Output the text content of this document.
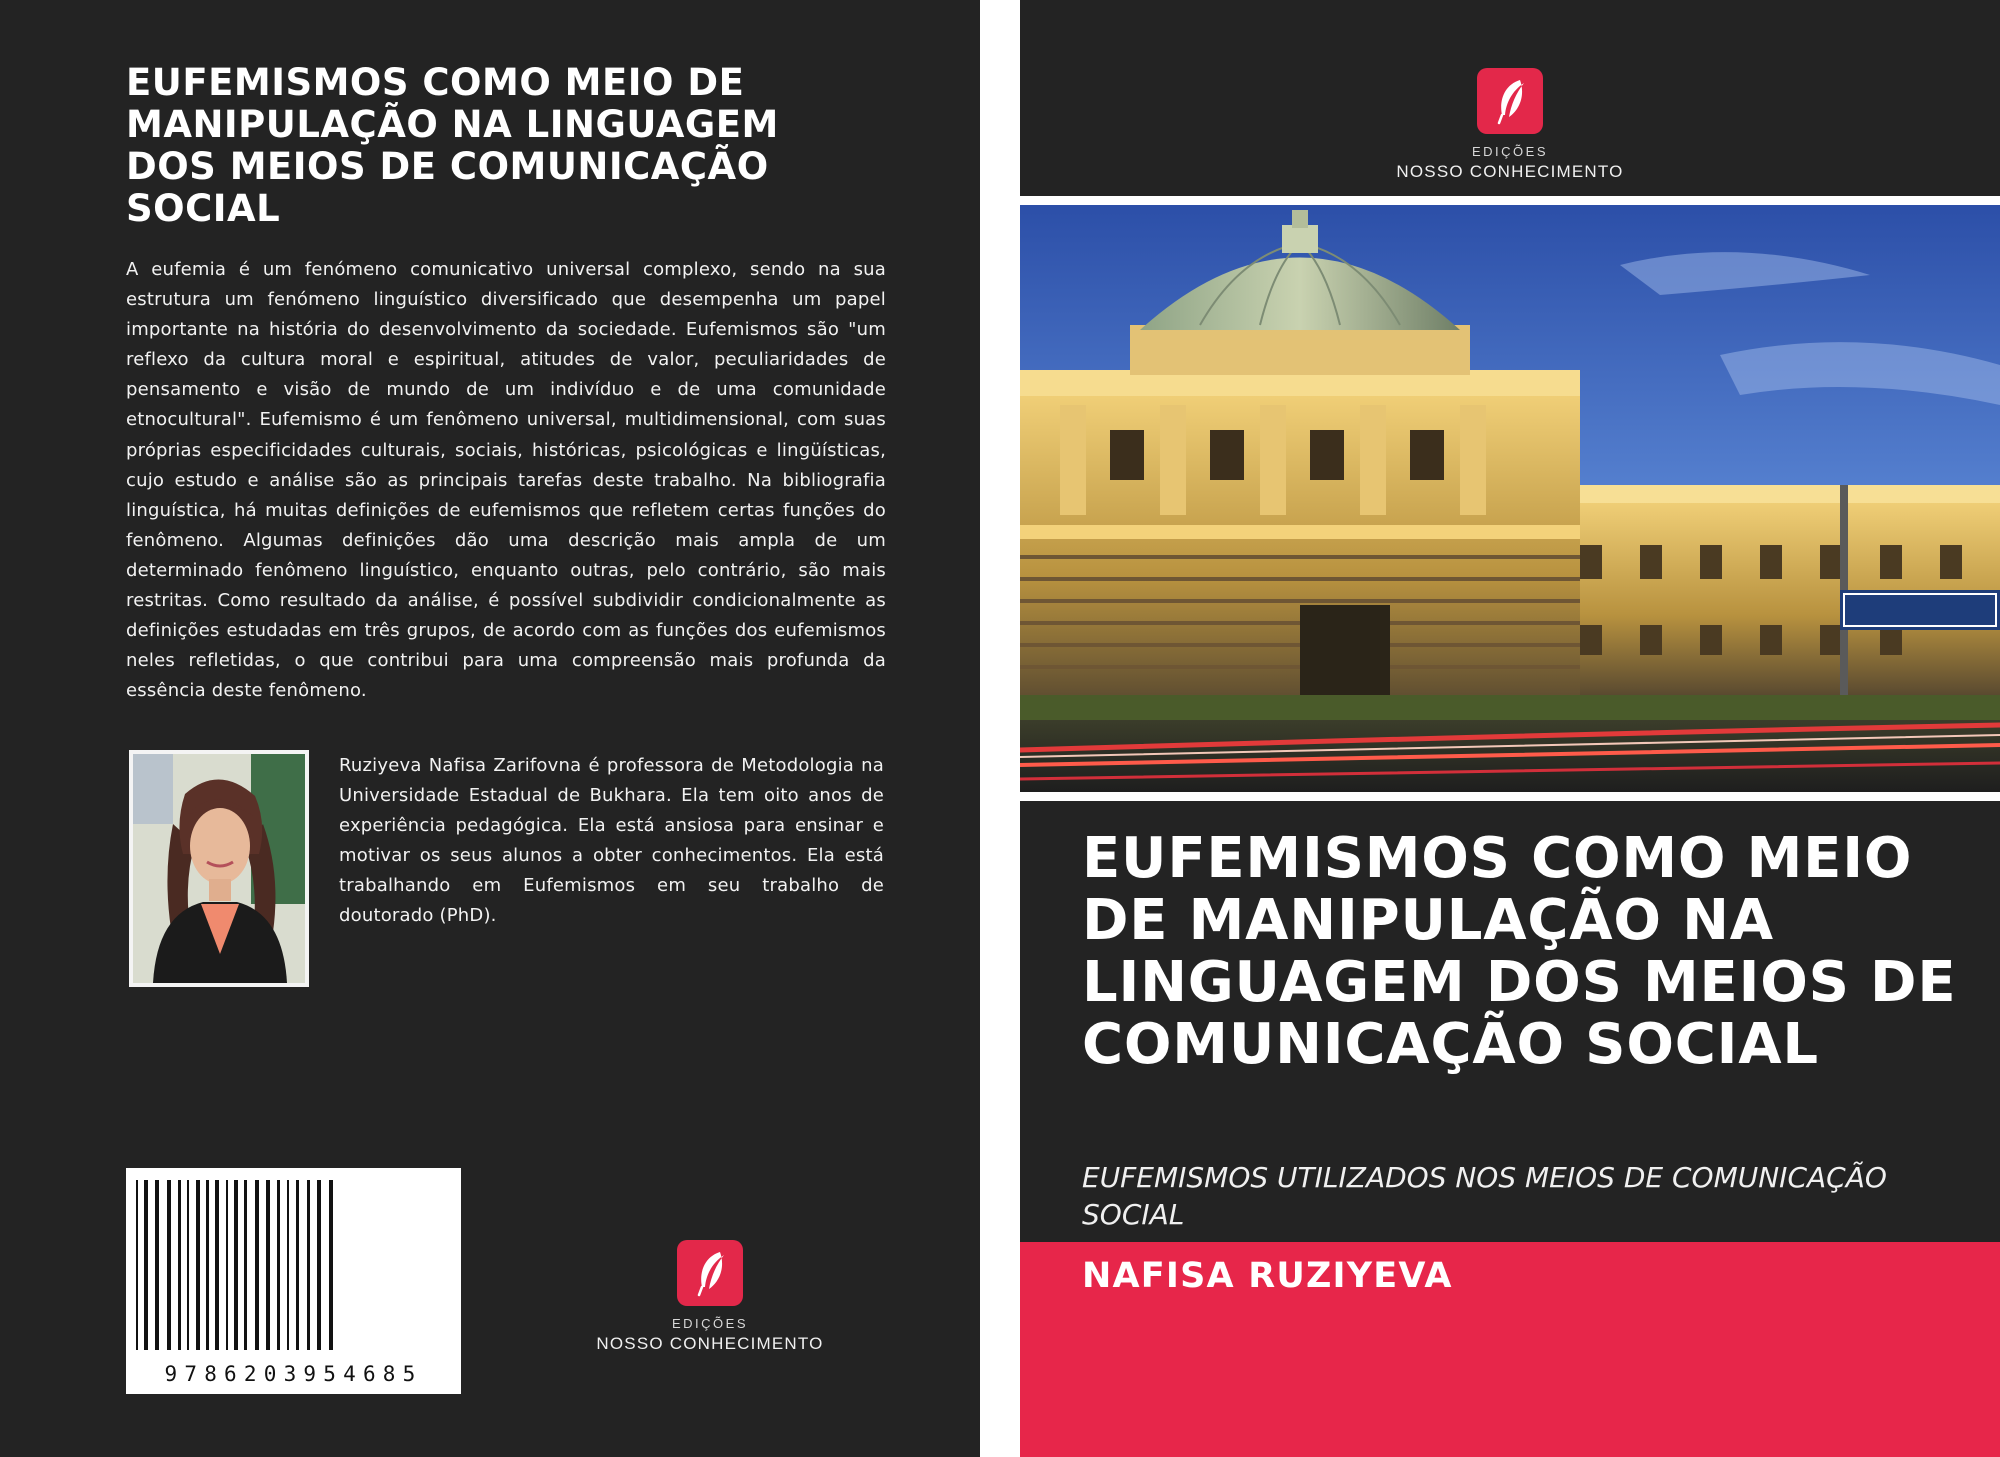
EUFEMISMOS COMO MEIO DE MANIPULAÇÃO NA LINGUAGEM DOS MEIOS DE COMUNICAÇÃO SOCIAL

A eufemia é um fenómeno comunicativo universal complexo, sendo na sua estrutura um fenómeno linguístico diversificado que desempenha um papel importante na história do desenvolvimento da sociedade. Eufemismos são "um reflexo da cultura moral e espiritual, atitudes de valor, peculiaridades de pensamento e visão de mundo de um indivíduo e de uma comunidade etnocultural". Eufemismo é um fenômeno universal, multidimensional, com suas próprias especificidades culturais, sociais, históricas, psicológicas e lingüísticas, cujo estudo e análise são as principais tarefas deste trabalho. Na bibliografia linguística, há muitas definições de eufemismos que refletem certas funções do fenômeno. Algumas definições dão uma descrição mais ampla de um determinado fenômeno linguístico, enquanto outras, pelo contrário, são mais restritas. Como resultado da análise, é possível subdividir condicionalmente as definições estudadas em três grupos, de acordo com as funções dos eufemismos neles refletidas, o que contribui para uma compreensão mais profunda da essência deste fenômeno.

Ruziyeva Nafisa Zarifovna é professora de Metodologia na Universidade Estadual de Bukhara. Ela tem oito anos de experiência pedagógica. Ela está ansiosa para ensinar e motivar os seus alunos a obter conhecimentos. Ela está trabalhando em Eufemismos em seu trabalho de doutorado (PhD).

9786203954685
EDIÇÕES
NOSSO CONHECIMENTO
EDIÇÕES
NOSSO CONHECIMENTO
EUFEMISMOS COMO MEIO DE MANIPULAÇÃO NA LINGUAGEM DOS MEIOS DE COMUNICAÇÃO SOCIAL

EUFEMISMOS UTILIZADOS NOS MEIOS DE COMUNICAÇÃO SOCIAL

NAFISA RUZIYEVA
